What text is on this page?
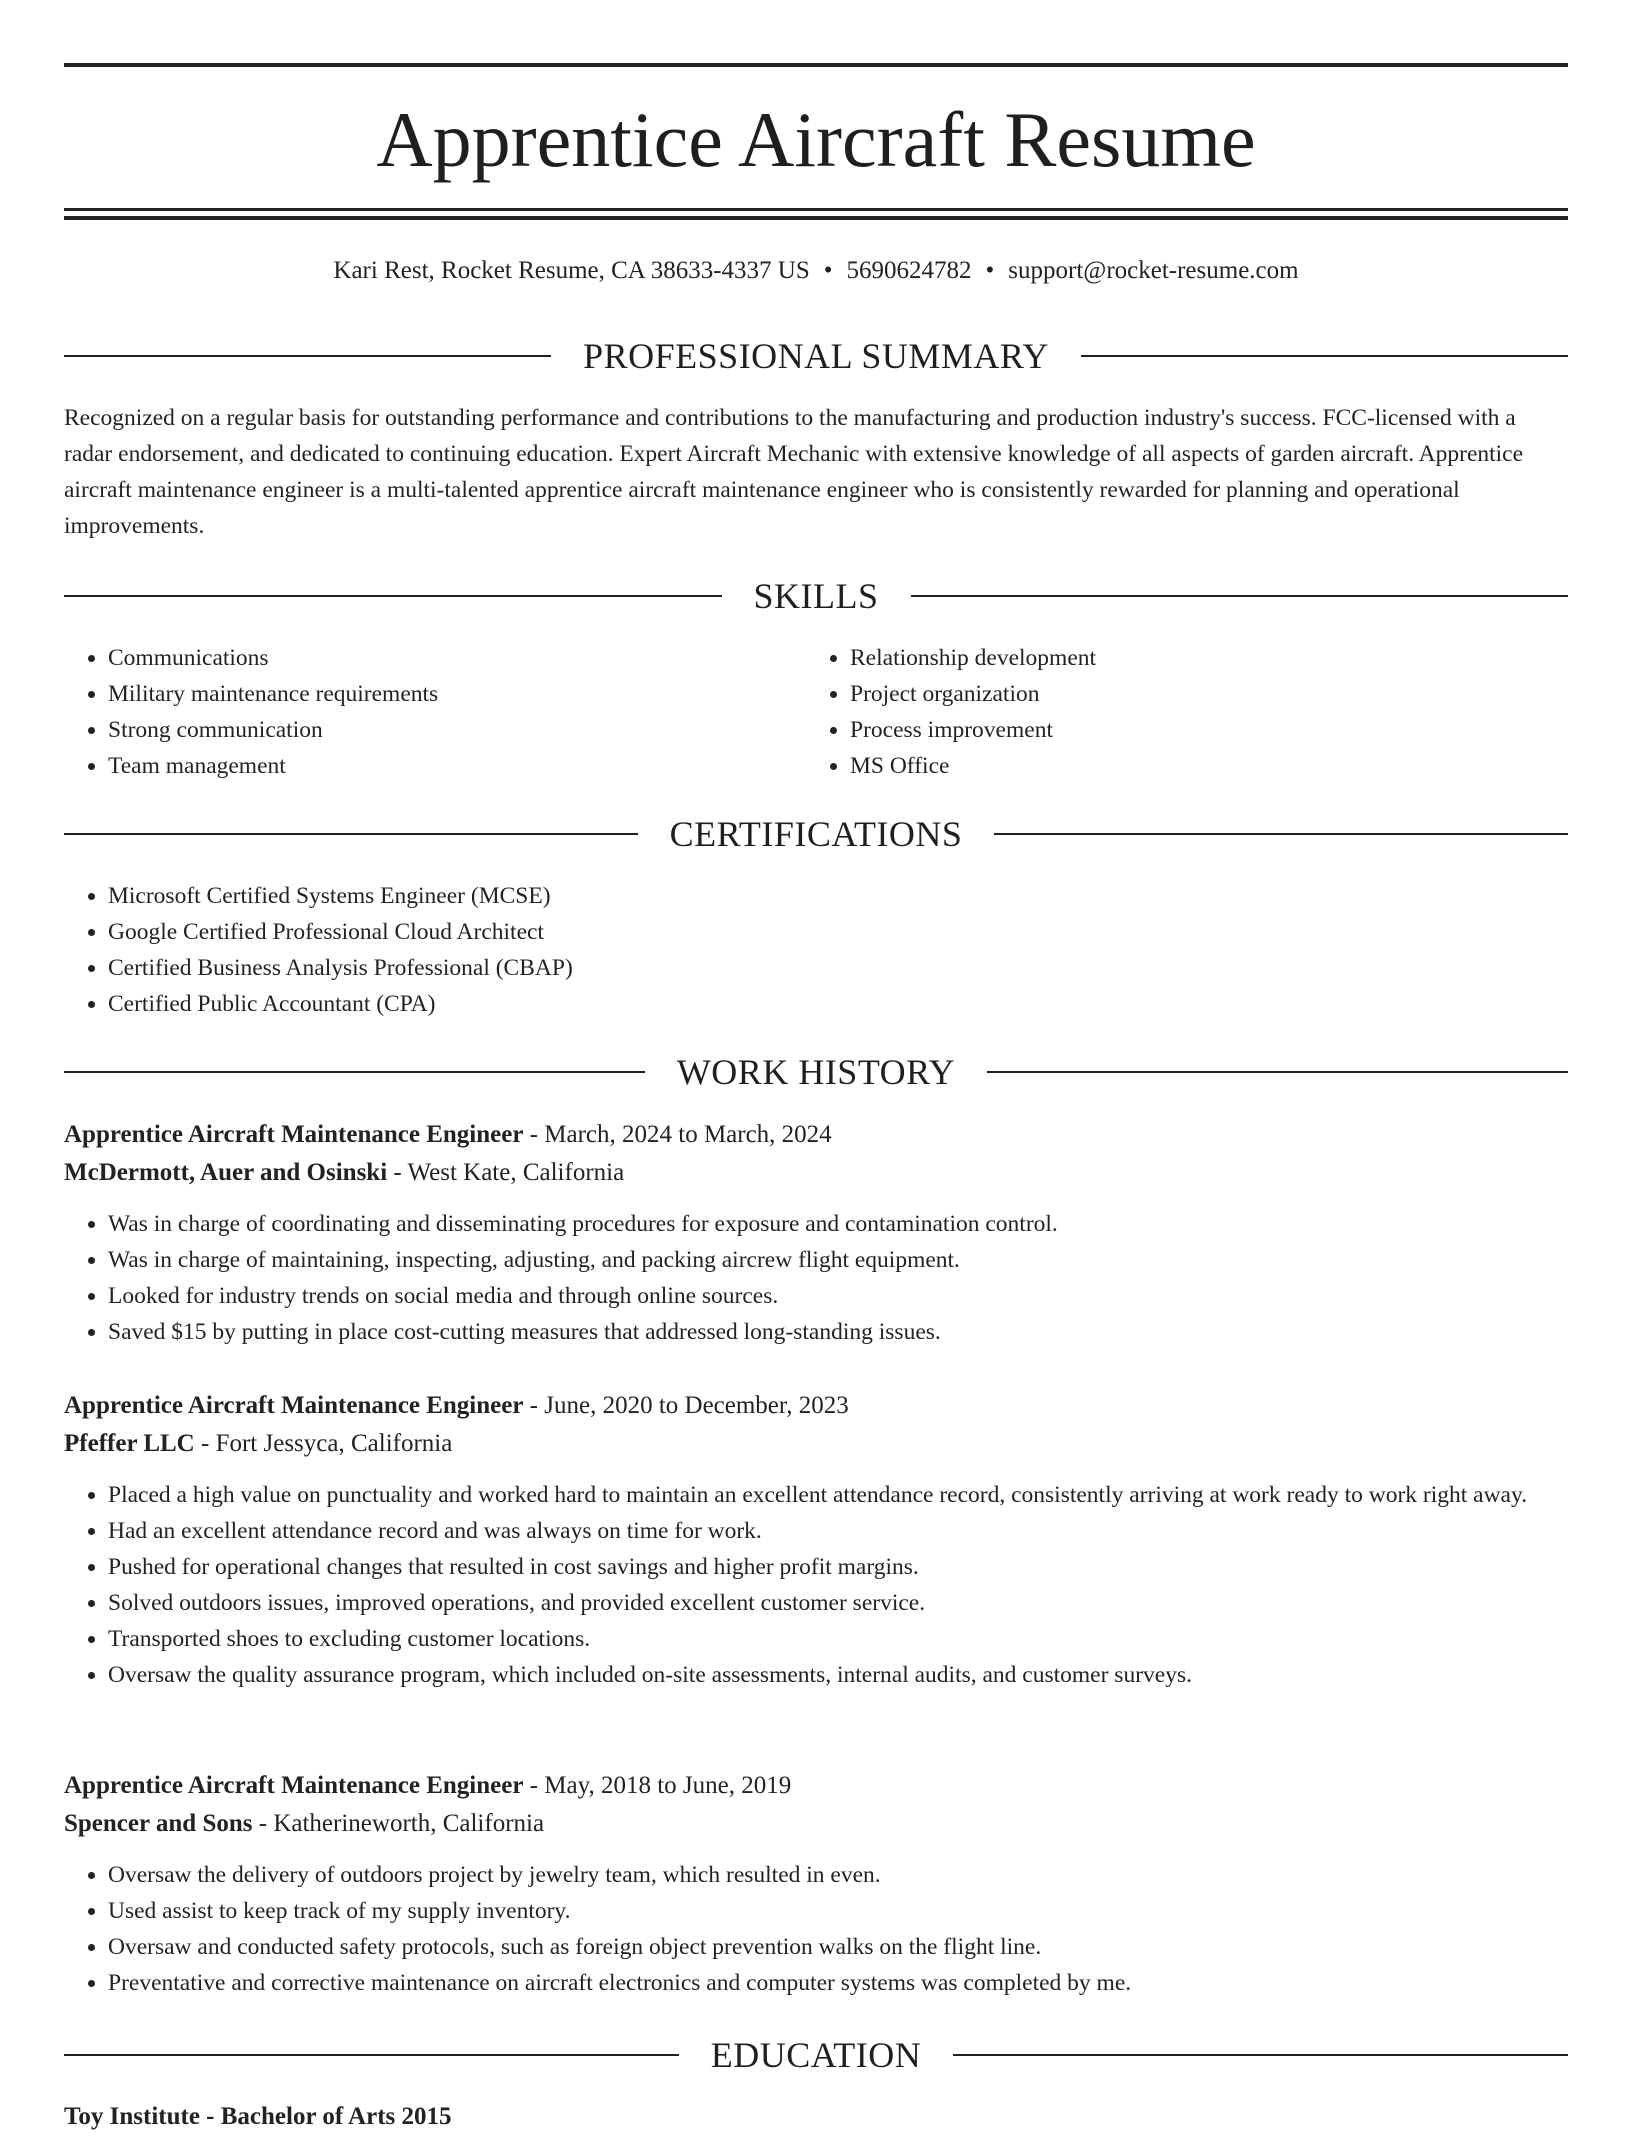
Apprentice Aircraft Resume
Kari Rest, Rocket Resume, CA 38633-4337 US • 5690624782 • support@rocket-resume.com
PROFESSIONAL SUMMARY

Recognized on a regular basis for outstanding performance and contributions to the manufacturing and production industry's success. FCC-licensed with a radar endorsement, and dedicated to continuing education. Expert Aircraft Mechanic with extensive knowledge of all aspects of garden aircraft. Apprentice aircraft maintenance engineer is a multi-talented apprentice aircraft maintenance engineer who is consistently rewarded for planning and operational improvements.

SKILLS
• Communications
• Military maintenance requirements
• Strong communication
• Team management
• Relationship development
• Project organization
• Process improvement
• MS Office
CERTIFICATIONS
• Microsoft Certified Systems Engineer (MCSE)
• Google Certified Professional Cloud Architect
• Certified Business Analysis Professional (CBAP)
• Certified Public Accountant (CPA)
WORK HISTORY
Apprentice Aircraft Maintenance Engineer - March, 2024 to March, 2024
McDermott, Auer and Osinski - West Kate, California
• Was in charge of coordinating and disseminating procedures for exposure and contamination control.
• Was in charge of maintaining, inspecting, adjusting, and packing aircrew flight equipment.
• Looked for industry trends on social media and through online sources.
• Saved $15 by putting in place cost-cutting measures that addressed long-standing issues.
Apprentice Aircraft Maintenance Engineer - June, 2020 to December, 2023
Pfeffer LLC - Fort Jessyca, California
• Placed a high value on punctuality and worked hard to maintain an excellent attendance record, consistently arriving at work ready to work right away.
• Had an excellent attendance record and was always on time for work.
• Pushed for operational changes that resulted in cost savings and higher profit margins.
• Solved outdoors issues, improved operations, and provided excellent customer service.
• Transported shoes to excluding customer locations.
• Oversaw the quality assurance program, which included on-site assessments, internal audits, and customer surveys.
Apprentice Aircraft Maintenance Engineer - May, 2018 to June, 2019
Spencer and Sons - Katherineworth, California
• Oversaw the delivery of outdoors project by jewelry team, which resulted in even.
• Used assist to keep track of my supply inventory.
• Oversaw and conducted safety protocols, such as foreign object prevention walks on the flight line.
• Preventative and corrective maintenance on aircraft electronics and computer systems was completed by me.
EDUCATION
Toy Institute - Bachelor of Arts 2015
